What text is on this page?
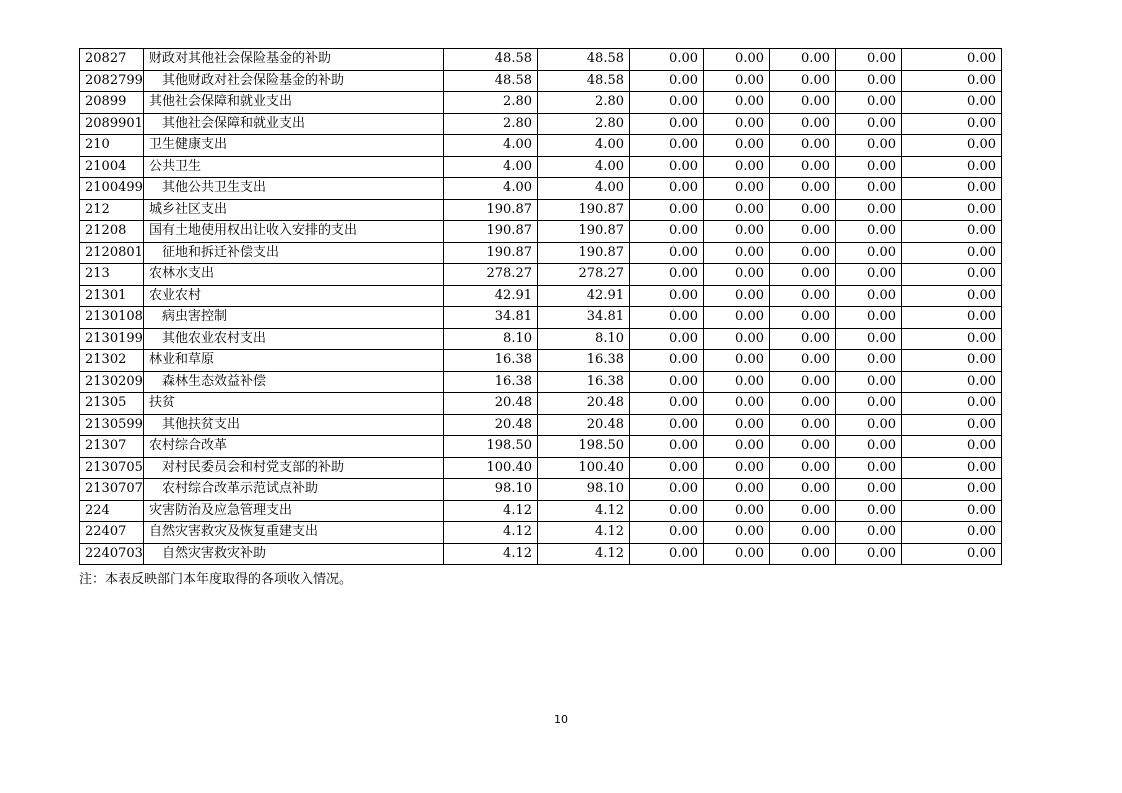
20827	财政对其他社会保险基金的补助	48.58	48.58	0.00	0.00	0.00	0.00	0.00
2082799	其他财政对社会保险基金的补助	48.58	48.58	0.00	0.00	0.00	0.00	0.00
20899	其他社会保障和就业支出	2.80	2.80	0.00	0.00	0.00	0.00	0.00
2089901	其他社会保障和就业支出	2.80	2.80	0.00	0.00	0.00	0.00	0.00
210	卫生健康支出	4.00	4.00	0.00	0.00	0.00	0.00	0.00
21004	公共卫生	4.00	4.00	0.00	0.00	0.00	0.00	0.00
2100499	其他公共卫生支出	4.00	4.00	0.00	0.00	0.00	0.00	0.00
212	城乡社区支出	190.87	190.87	0.00	0.00	0.00	0.00	0.00
21208	国有土地使用权出让收入安排的支出	190.87	190.87	0.00	0.00	0.00	0.00	0.00
2120801	征地和拆迁补偿支出	190.87	190.87	0.00	0.00	0.00	0.00	0.00
213	农林水支出	278.27	278.27	0.00	0.00	0.00	0.00	0.00
21301	农业农村	42.91	42.91	0.00	0.00	0.00	0.00	0.00
2130108	病虫害控制	34.81	34.81	0.00	0.00	0.00	0.00	0.00
2130199	其他农业农村支出	8.10	8.10	0.00	0.00	0.00	0.00	0.00
21302	林业和草原	16.38	16.38	0.00	0.00	0.00	0.00	0.00
2130209	森林生态效益补偿	16.38	16.38	0.00	0.00	0.00	0.00	0.00
21305	扶贫	20.48	20.48	0.00	0.00	0.00	0.00	0.00
2130599	其他扶贫支出	20.48	20.48	0.00	0.00	0.00	0.00	0.00
21307	农村综合改革	198.50	198.50	0.00	0.00	0.00	0.00	0.00
2130705	对村民委员会和村党支部的补助	100.40	100.40	0.00	0.00	0.00	0.00	0.00
2130707	农村综合改革示范试点补助	98.10	98.10	0.00	0.00	0.00	0.00	0.00
224	灾害防治及应急管理支出	4.12	4.12	0.00	0.00	0.00	0.00	0.00
22407	自然灾害救灾及恢复重建支出	4.12	4.12	0.00	0.00	0.00	0.00	0.00
2240703	自然灾害救灾补助	4.12	4.12	0.00	0.00	0.00	0.00	0.00
注：本表反映部门本年度取得的各项收入情况。
10
